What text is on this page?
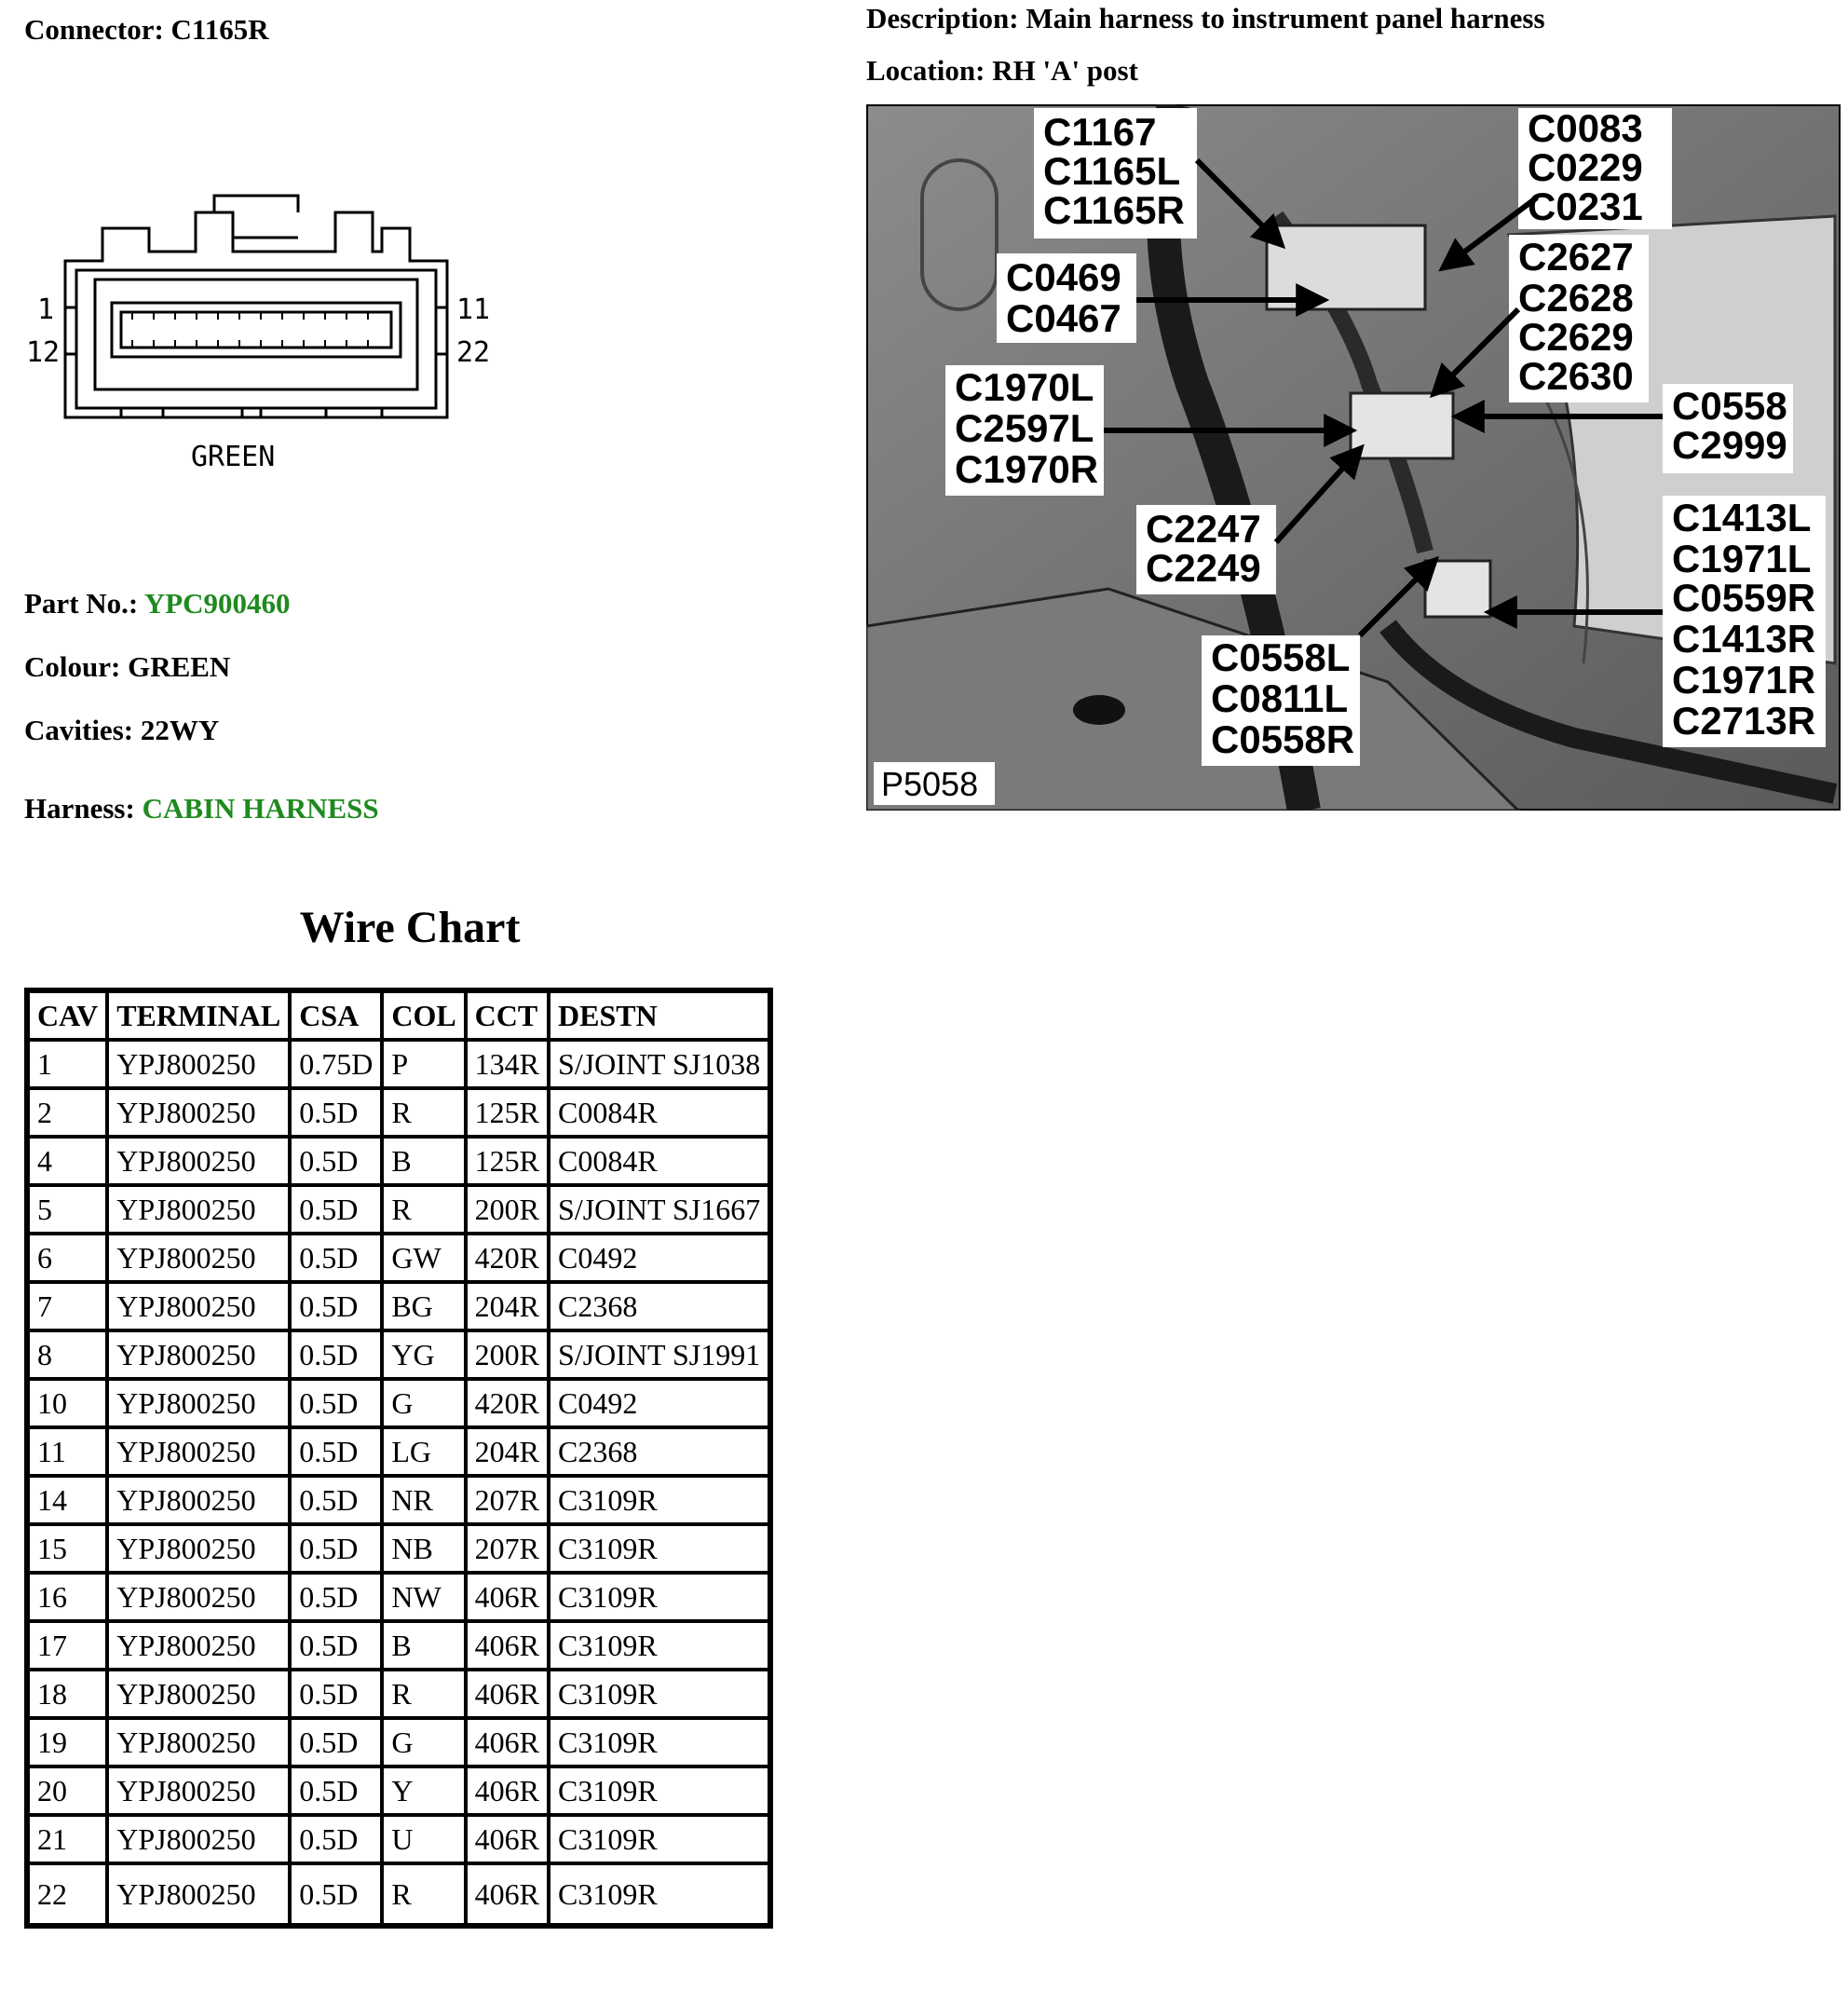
Connector: C1165R	Description: Main harness to instrument panel harness
Location: RH 'A' post
1
12
11
22
GREEN
Part No.: YPC900460
Colour: GREEN
Cavities: 22WY
Harness: CABIN HARNESS
C1167
C1165L
C1165R
C0083
C0229
C0231
C0469
C0467
C2627
C2628
C2629
C2630
C1970L
C2597L
C1970R
C0558
C2999
C2247
C2249
C1413L
C1971L
C0559R
C1413R
C1971R
C2713R
C0558L
C0811L
C0558R
P5058
Wire Chart
CAV	TERMINAL	CSA	COL	CCT	DESTN
1	YPJ800250	0.75D	P	134R	S/JOINT SJ1038
2	YPJ800250	0.5D	R	125R	C0084R
4	YPJ800250	0.5D	B	125R	C0084R
5	YPJ800250	0.5D	R	200R	S/JOINT SJ1667
6	YPJ800250	0.5D	GW	420R	C0492
7	YPJ800250	0.5D	BG	204R	C2368
8	YPJ800250	0.5D	YG	200R	S/JOINT SJ1991
10	YPJ800250	0.5D	G	420R	C0492
11	YPJ800250	0.5D	LG	204R	C2368
14	YPJ800250	0.5D	NR	207R	C3109R
15	YPJ800250	0.5D	NB	207R	C3109R
16	YPJ800250	0.5D	NW	406R	C3109R
17	YPJ800250	0.5D	B	406R	C3109R
18	YPJ800250	0.5D	R	406R	C3109R
19	YPJ800250	0.5D	G	406R	C3109R
20	YPJ800250	0.5D	Y	406R	C3109R
21	YPJ800250	0.5D	U	406R	C3109R
22	YPJ800250	0.5D	R	406R	C3109R
